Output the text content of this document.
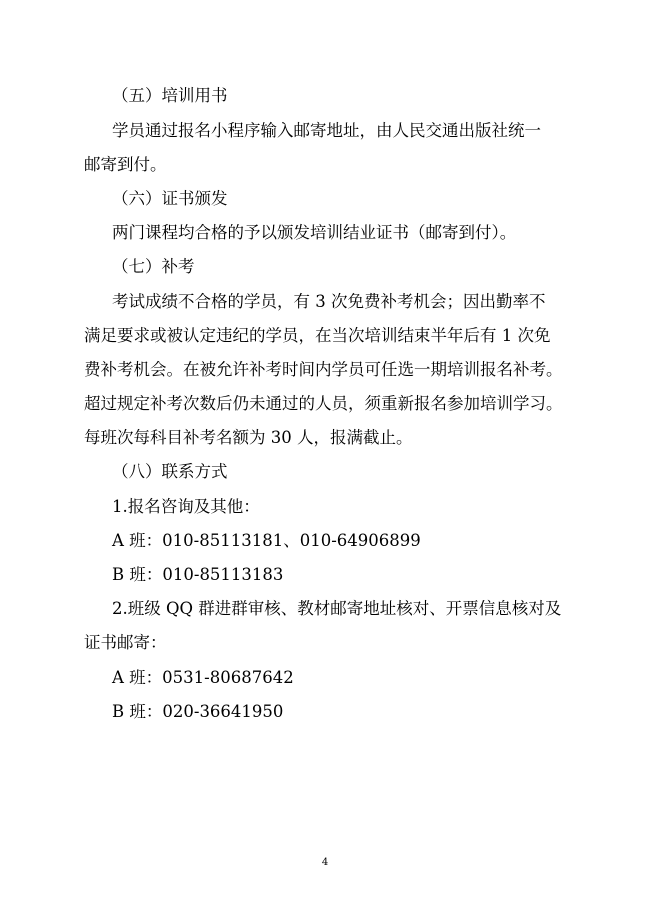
（五）培训用书
学员通过报名小程序输入邮寄地址，由人民交通出版社统一
邮寄到付。
（六）证书颁发
两门课程均合格的予以颁发培训结业证书（邮寄到付）。
（七）补考
考试成绩不合格的学员，有 3 次免费补考机会；因出勤率不
满足要求或被认定违纪的学员，在当次培训结束半年后有 1 次免
费补考机会。在被允许补考时间内学员可任选一期培训报名补考。
超过规定补考次数后仍未通过的人员，须重新报名参加培训学习。
每班次每科目补考名额为 30 人，报满截止。
（八）联系方式
1.报名咨询及其他：
A 班：010-85113181、010-64906899
B 班：010-85113183
2.班级 QQ 群进群审核、教材邮寄地址核对、开票信息核对及
证书邮寄：
A 班：0531-80687642
B 班：020-36641950
4
